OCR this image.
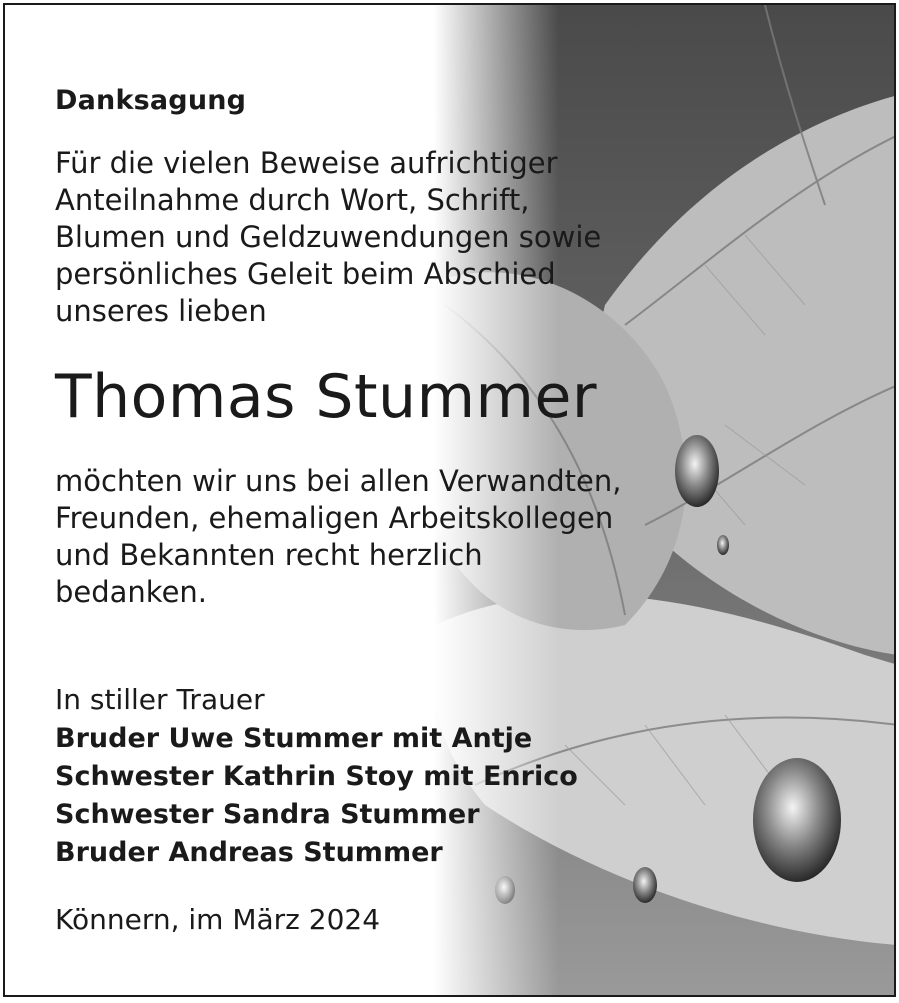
Danksagung
Für die vielen Beweise aufrichtiger
Anteilnahme durch Wort, Schrift,
Blumen und Geldzuwendungen sowie
persönliches Geleit beim Abschied
unseres lieben
Thomas Stummer
möchten wir uns bei allen Verwandten,
Freunden, ehemaligen Arbeitskollegen
und Bekannten recht herzlich
bedanken.
In stiller Trauer
Bruder Uwe Stummer mit Antje
Schwester Kathrin Stoy mit Enrico
Schwester Sandra Stummer
Bruder Andreas Stummer
Könnern, im März 2024
